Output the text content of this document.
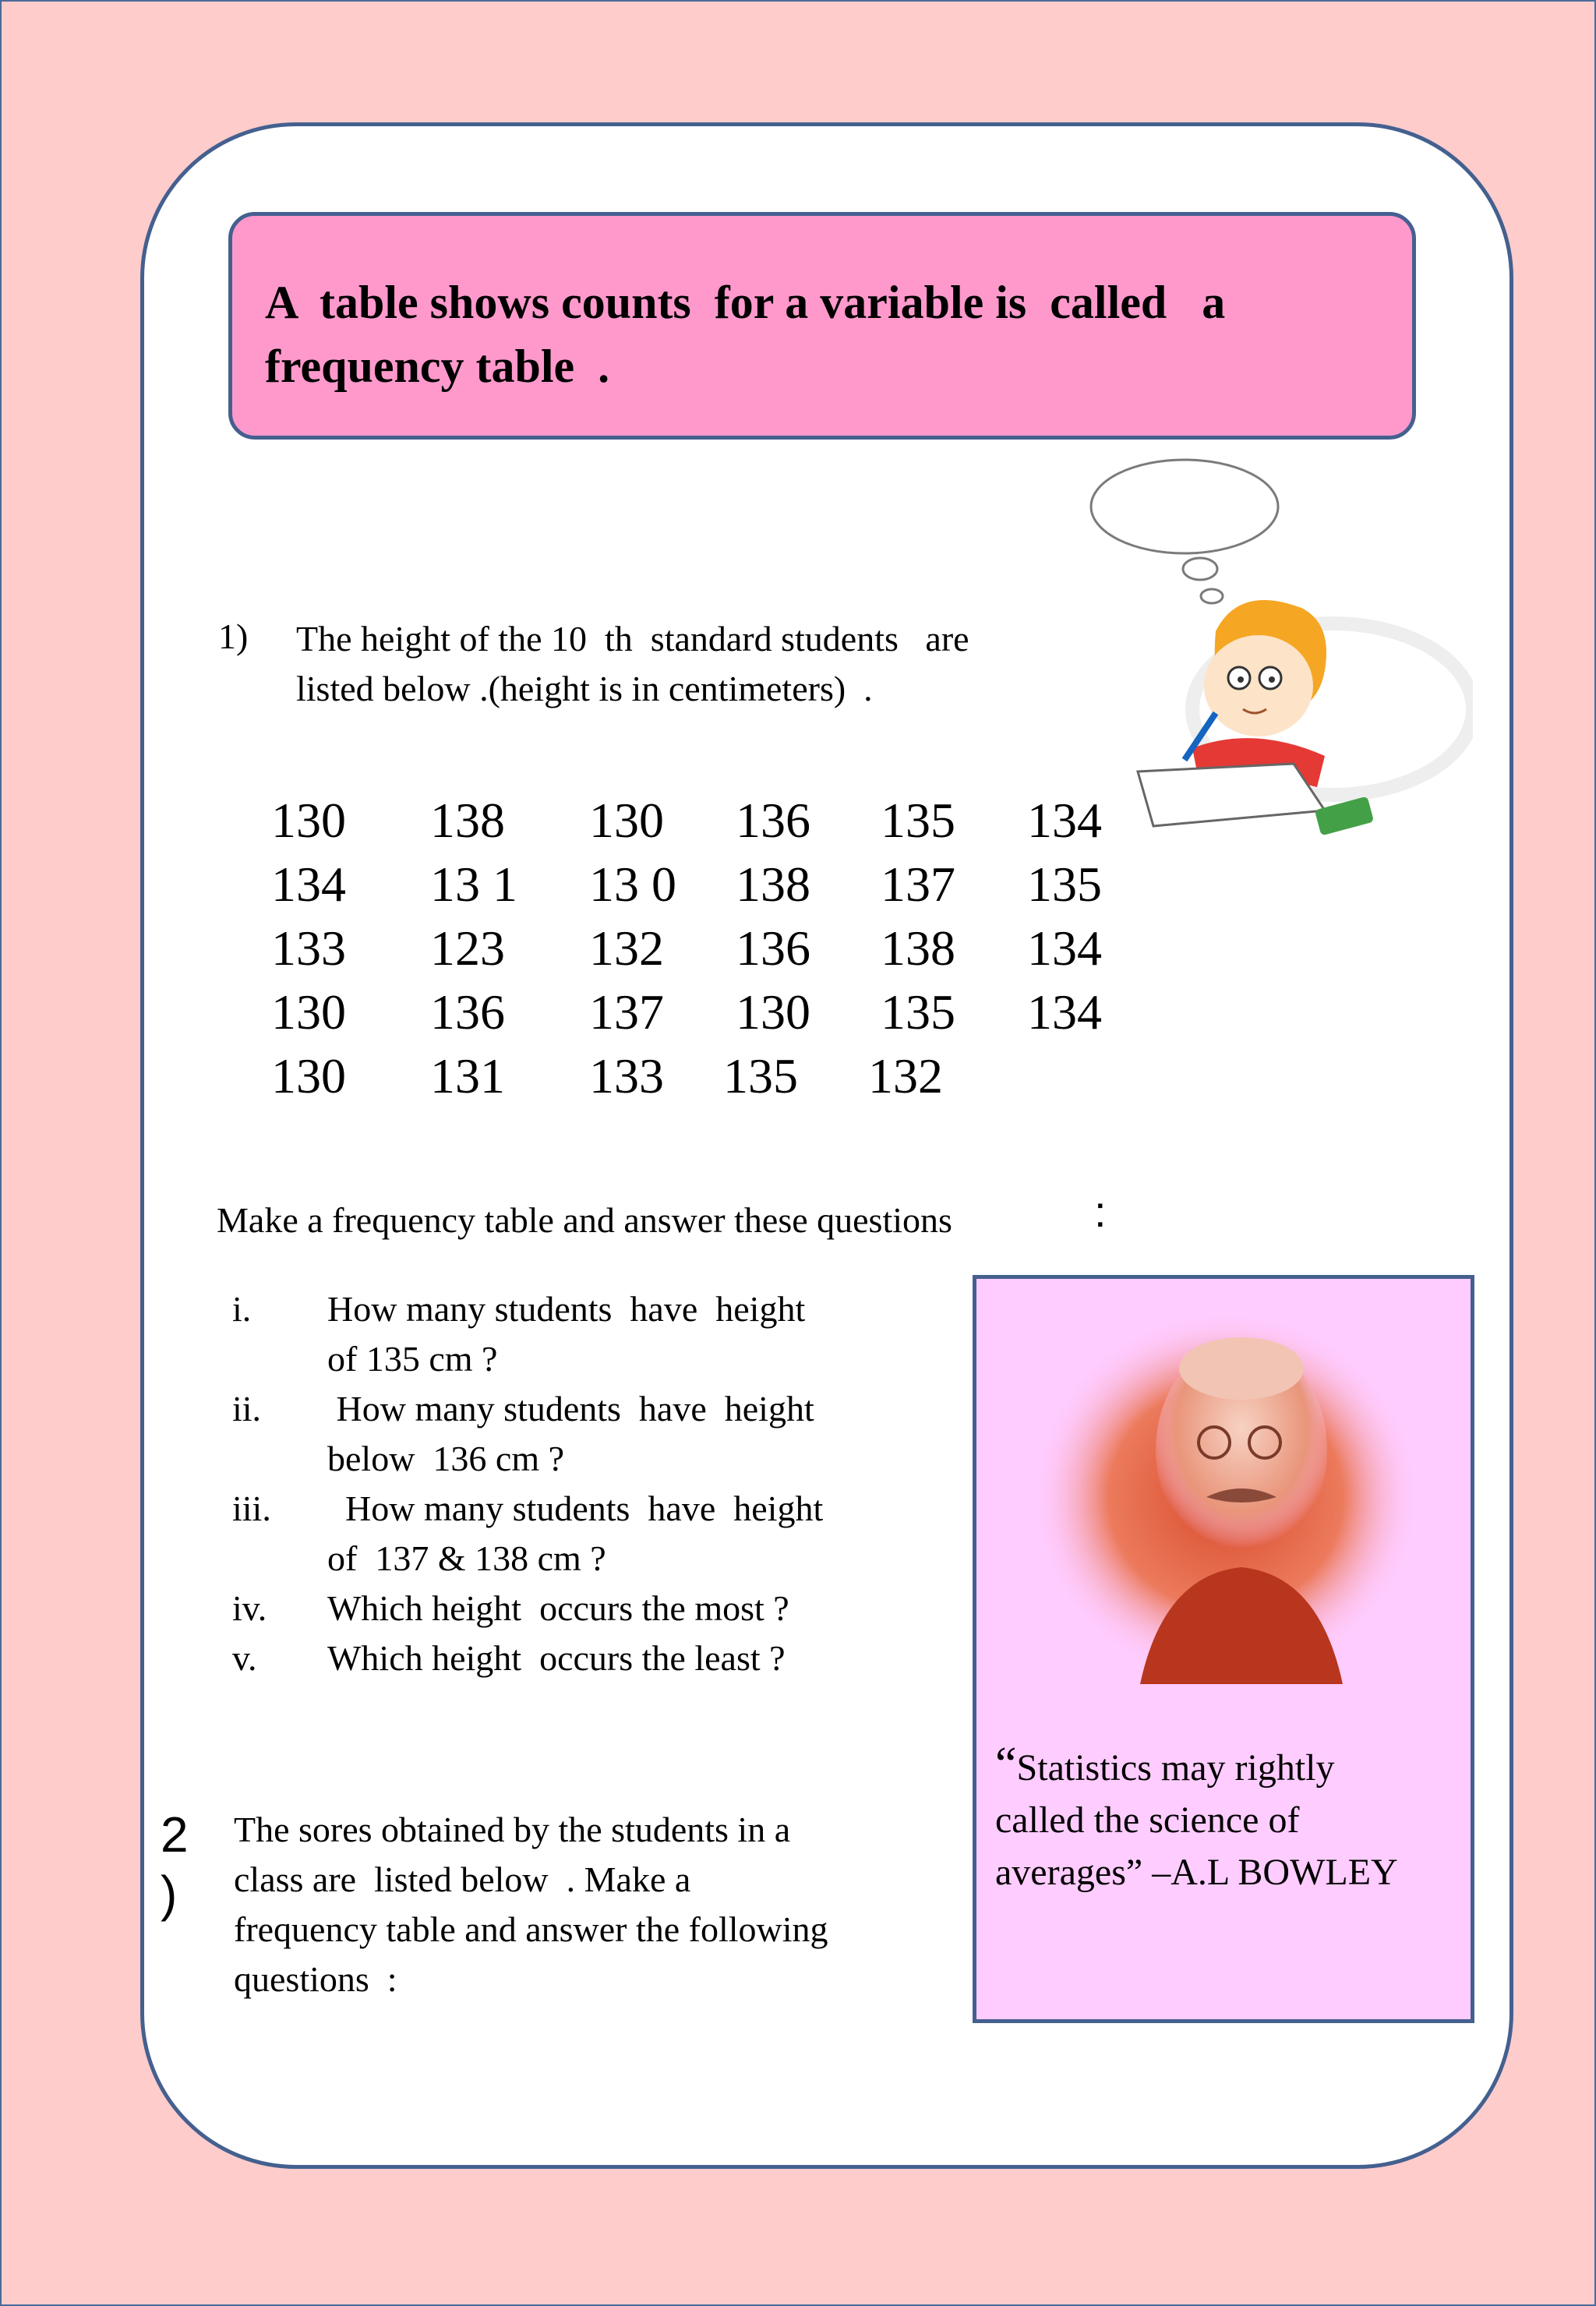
A  table shows counts  for a variable is  called   a
frequency table  .

1) The height of the 10  th  standard students   are
listed below .(height is in centimeters)  .
130 138 130 136 135 134
134 13 1 13 0 138 137 135
133 123 132 136 138 134
130 136 137 130 135 134
130 131 133 135 132
Make a frequency table and answer these questions	:
i. How many students  have  height
of 135 cm ?
ii. How many students  have  height
below  136 cm ?
iii. How many students  have  height
of  137 & 138 cm ?
iv. Which height  occurs the most ?
v. Which height  occurs the least ?
“Statistics may rightly
called the science of
averages” –A.L BOWLEY
2
)
The sores obtained by the students in a
class are  listed below  . Make a
frequency table and answer the following
questions  :
